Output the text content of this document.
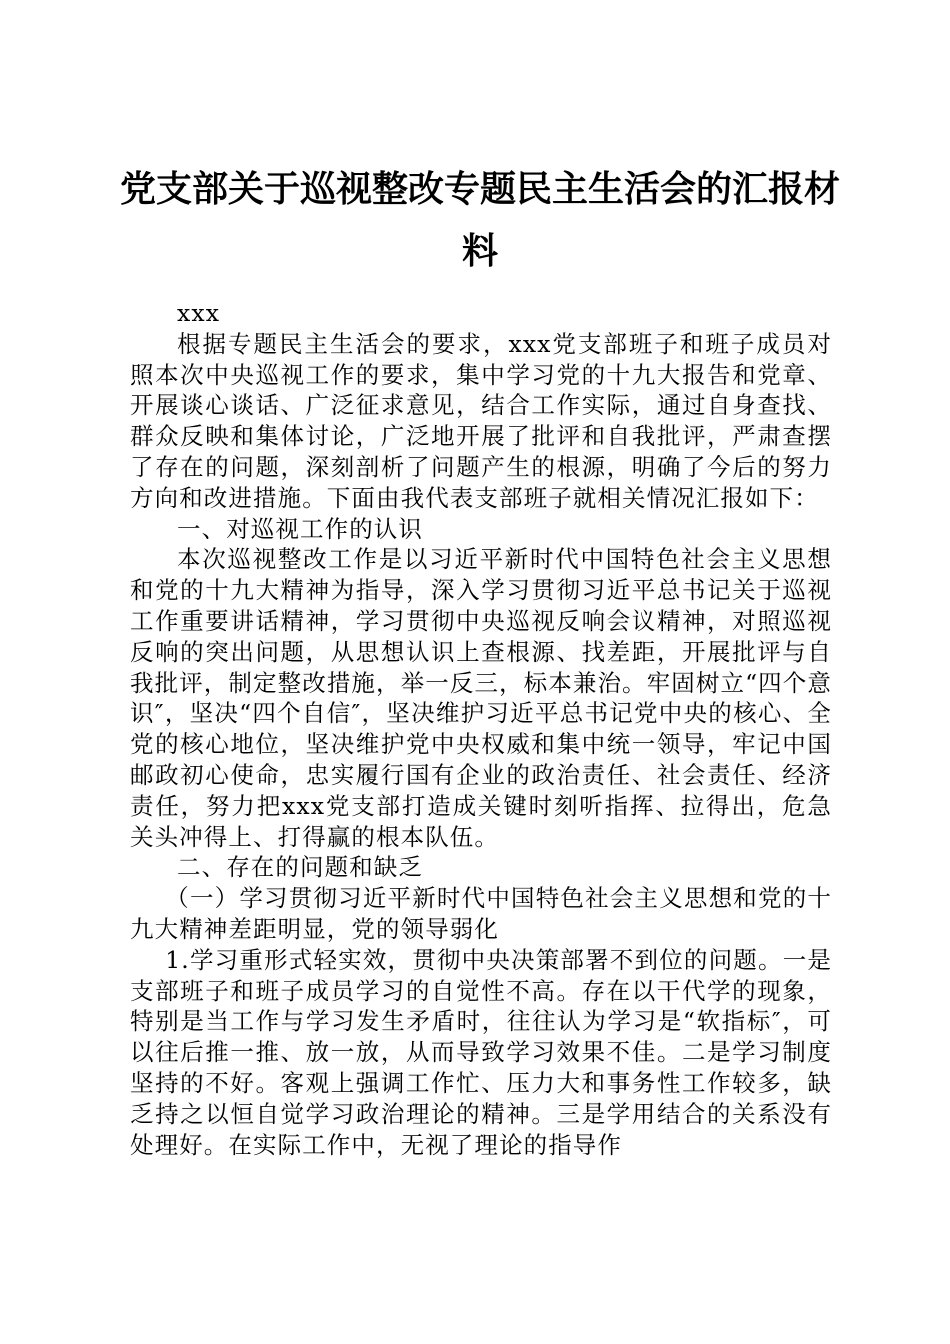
党支部关于巡视整改专题民主生活会的汇报材料

xxx

根据专题民主生活会的要求，xxx党支部班子和班子成员对照本次中央巡视工作的要求，集中学习党的十九大报告和党章、开展谈心谈话、广泛征求意见，结合工作实际，通过自身查找、群众反映和集体讨论，广泛地开展了批评和自我批评，严肃查摆了存在的问题，深刻剖析了问题产生的根源，明确了今后的努力方向和改进措施。下面由我代表支部班子就相关情况汇报如下：

一、对巡视工作的认识

本次巡视整改工作是以习近平新时代中国特色社会主义思想和党的十九大精神为指导，深入学习贯彻习近平总书记关于巡视工作重要讲话精神，学习贯彻中央巡视反响会议精神，对照巡视反响的突出问题，从思想认识上查根源、找差距，开展批评与自我批评，制定整改措施，举一反三，标本兼治。牢固树立“四个意识″，坚决“四个自信″，坚决维护习近平总书记党中央的核心、全党的核心地位，坚决维护党中央权威和集中统一领导，牢记中国邮政初心使命，忠实履行国有企业的政治责任、社会责任、经济责任，努力把xxx党支部打造成关键时刻听指挥、拉得出，危急关头冲得上、打得赢的根本队伍。

二、存在的问题和缺乏

（一）学习贯彻习近平新时代中国特色社会主义思想和党的十九大精神差距明显，党的领导弱化

1.学习重形式轻实效，贯彻中央决策部署不到位的问题。一是支部班子和班子成员学习的自觉性不高。存在以干代学的现象，特别是当工作与学习发生矛盾时，往往认为学习是“软指标″，可以往后推一推、放一放，从而导致学习效果不佳。二是学习制度坚持的不好。客观上强调工作忙、压力大和事务性工作较多，缺乏持之以恒自觉学习政治理论的精神。三是学用结合的关系没有处理好。在实际工作中，无视了理论的指导作
